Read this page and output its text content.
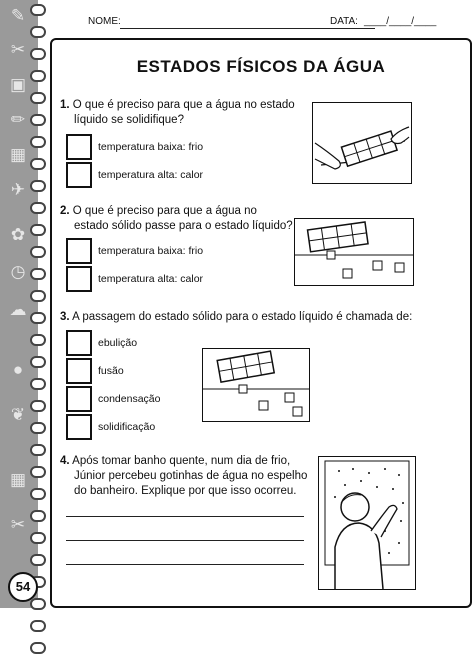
✎
✂
▣
✏
▦
✈
✿
◷
☁
●
❦
▦
✂
NOME:	DATA: ____/____/____
ESTADOS FÍSICOS DA ÁGUA
1. O que é preciso para que a água no estado
líquido se solidifique?
temperatura baixa: frio
temperatura alta: calor
2. O que é preciso para que a água no
estado sólido passe para o estado líquido?
temperatura baixa: frio
temperatura alta: calor
3. A passagem do estado sólido para o estado líquido é chamada de:
ebulição
fusão
condensação
solidificação
4. Após tomar banho quente, num dia de frio,
Júnior percebeu gotinhas de água no espelho
do banheiro. Explique por que isso ocorreu.
54
